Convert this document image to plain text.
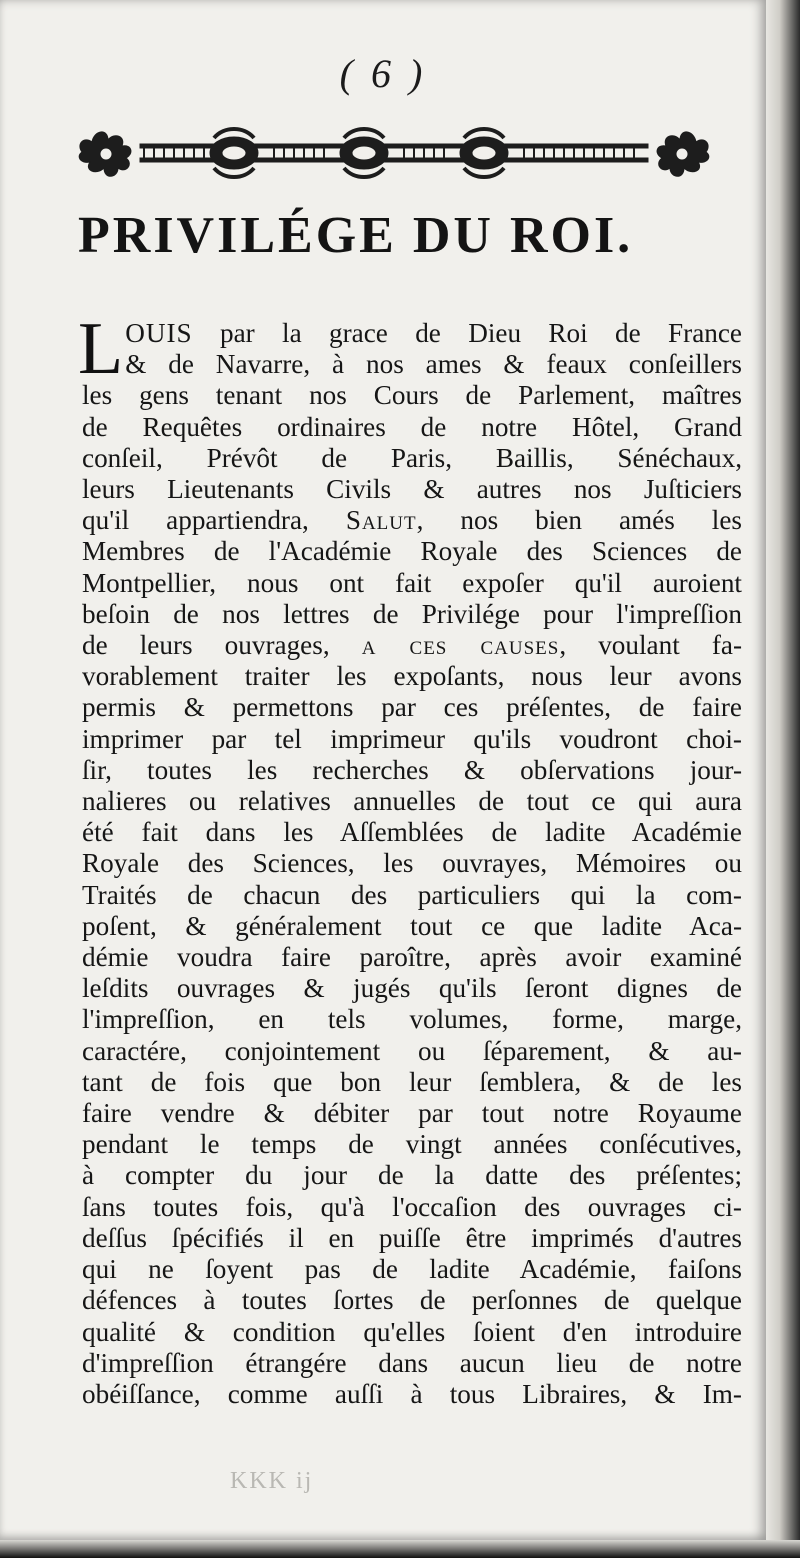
( 6 )
PRIVILÉGE DU ROI.
L OUIS par la grace de Dieu Roi de France
& de Navarre, à nos ames & feaux conſeillers
les gens tenant nos Cours de Parlement, maîtres
de Requêtes ordinaires de notre Hôtel, Grand
conſeil, Prévôt de Paris, Baillis, Sénéchaux,
leurs Lieutenants Civils & autres nos Juſticiers
qu'il appartiendra, Salut, nos bien amés les
Membres de l'Académie Royale des Sciences de
Montpellier, nous ont fait expoſer qu'il auroient
beſoin de nos lettres de Privilége pour l'impreſſion
de leurs ouvrages, a ces causes, voulant fa-
vorablement traiter les expoſants, nous leur avons
permis & permettons par ces préſentes, de faire
imprimer par tel imprimeur qu'ils voudront choi-
ſir, toutes les recherches & obſervations jour-
nalieres ou relatives annuelles de tout ce qui aura
été fait dans les Aſſemblées de ladite Académie
Royale des Sciences, les ouvrayes, Mémoires ou
Traités de chacun des particuliers qui la com-
poſent, & généralement tout ce que ladite Aca-
démie voudra faire paroître, après avoir examiné
leſdits ouvrages & jugés qu'ils ſeront dignes de
l'impreſſion, en tels volumes, forme, marge,
caractére, conjointement ou ſéparement, & au-
tant de fois que bon leur ſemblera, & de les
faire vendre & débiter par tout notre Royaume
pendant le temps de vingt années conſécutives,
à compter du jour de la datte des préſentes;
ſans toutes fois, qu'à l'occaſion des ouvrages ci-
deſſus ſpécifiés il en puiſſe être imprimés d'autres
qui ne ſoyent pas de ladite Académie, faiſons
défences à toutes ſortes de perſonnes de quelque
qualité & condition qu'elles ſoient d'en introduire
d'impreſſion étrangére dans aucun lieu de notre
obéiſſance, comme auſſi à tous Libraires, & Im-
KKK ij
